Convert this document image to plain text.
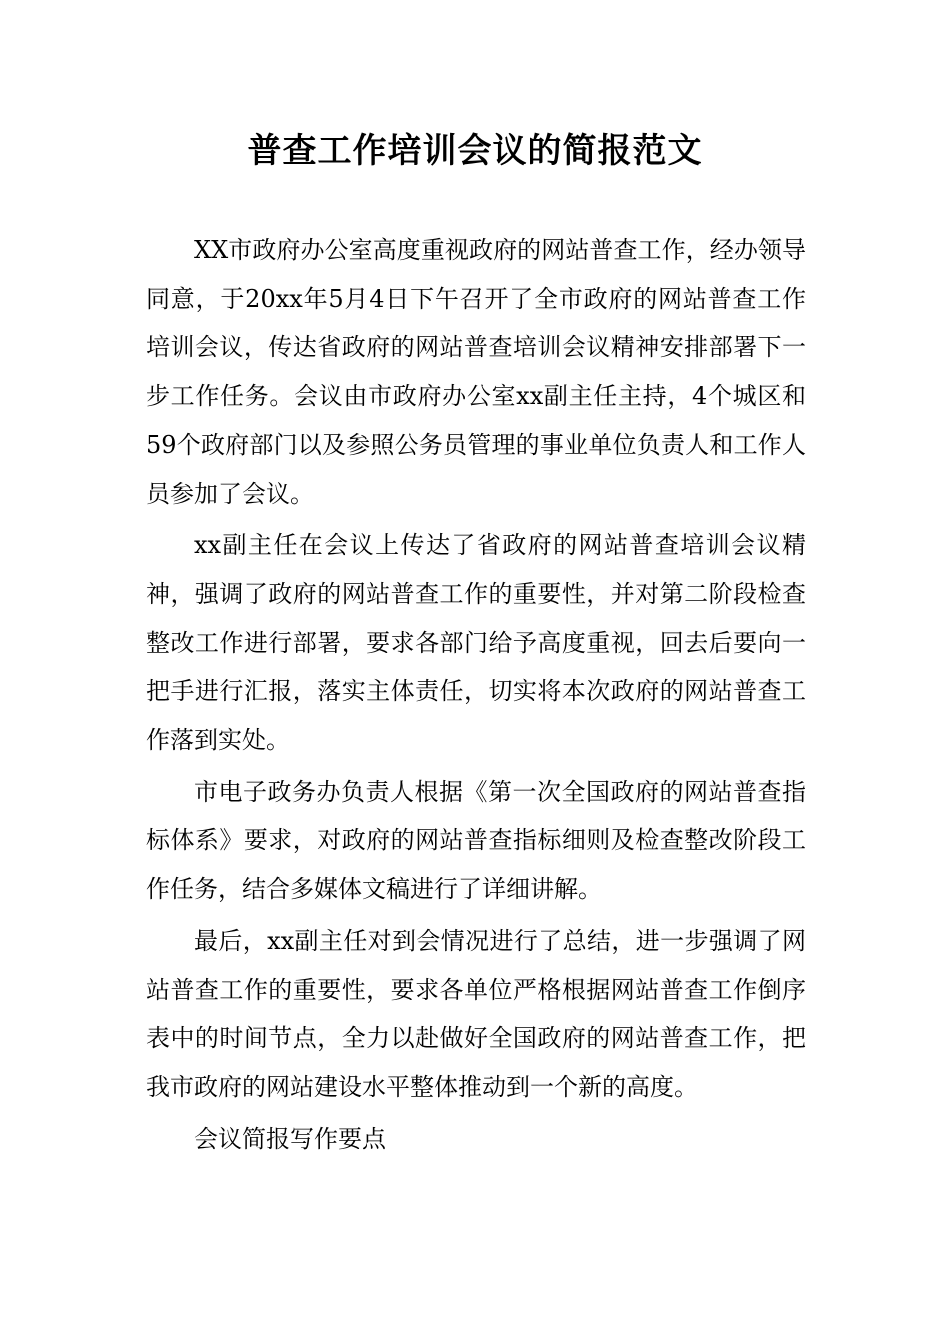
普查工作培训会议的简报范文

XX市政府办公室高度重视政府的网站普查工作，经办领导同意，于20xx年5月4日下午召开了全市政府的网站普查工作培训会议，传达省政府的网站普查培训会议精神安排部署下一步工作任务。会议由市政府办公室xx副主任主持，4个城区和59个政府部门以及参照公务员管理的事业单位负责人和工作人员参加了会议。

xx副主任在会议上传达了省政府的网站普查培训会议精神，强调了政府的网站普查工作的重要性，并对第二阶段检查整改工作进行部署，要求各部门给予高度重视，回去后要向一把手进行汇报，落实主体责任，切实将本次政府的网站普查工作落到实处。

市电子政务办负责人根据《第一次全国政府的网站普查指标体系》要求，对政府的网站普查指标细则及检查整改阶段工作任务，结合多媒体文稿进行了详细讲解。

最后，xx副主任对到会情况进行了总结，进一步强调了网站普查工作的重要性，要求各单位严格根据网站普查工作倒序表中的时间节点，全力以赴做好全国政府的网站普查工作，把我市政府的网站建设水平整体推动到一个新的高度。

会议简报写作要点
